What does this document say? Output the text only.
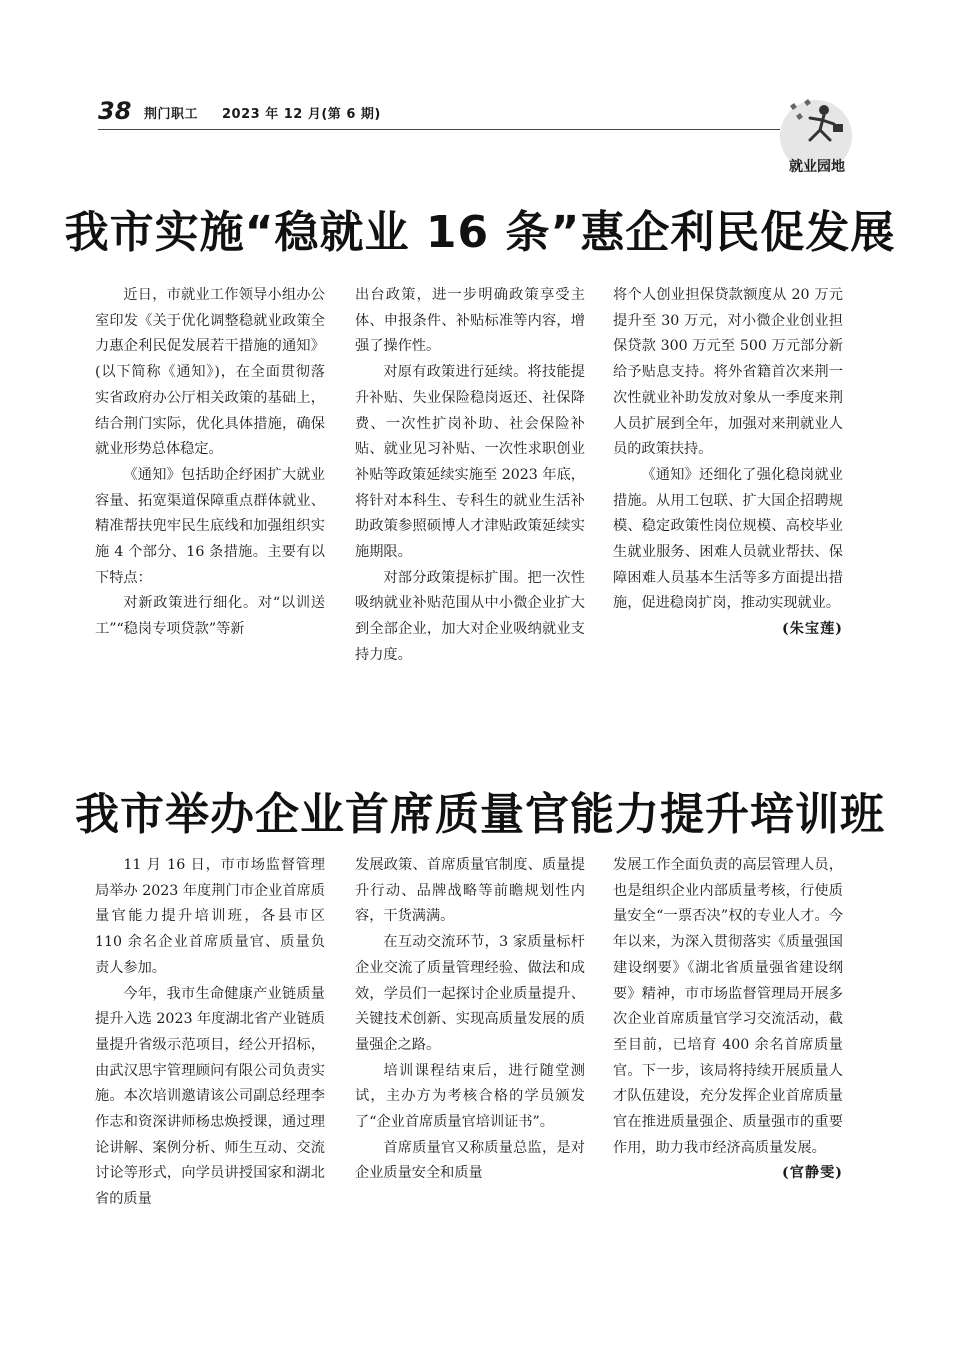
38 荆门职工 2023 年 12 月(第 6 期)
就业园地
我市实施“稳就业 16 条”惠企利民促发展

近日，市就业工作领导小组办公室印发《关于优化调整稳就业政策全力惠企利民促发展若干措施的通知》(以下简称《通知》)，在全面贯彻落实省政府办公厅相关政策的基础上，结合荆门实际，优化具体措施，确保就业形势总体稳定。

《通知》包括助企纾困扩大就业容量、拓宽渠道保障重点群体就业、精准帮扶兜牢民生底线和加强组织实施 4 个部分、16 条措施。主要有以下特点：

对新政策进行细化。对“以训送工”“稳岗专项贷款”等新

出台政策，进一步明确政策享受主体、申报条件、补贴标准等内容，增强了操作性。

对原有政策进行延续。将技能提升补贴、失业保险稳岗返还、社保降费、一次性扩岗补助、社会保险补贴、就业见习补贴、一次性求职创业补贴等政策延续实施至 2023 年底，将针对本科生、专科生的就业生活补助政策参照硕博人才津贴政策延续实施期限。

对部分政策提标扩围。把一次性吸纳就业补贴范围从中小微企业扩大到全部企业，加大对企业吸纳就业支持力度。

将个人创业担保贷款额度从 20 万元提升至 30 万元，对小微企业创业担保贷款 300 万元至 500 万元部分新给予贴息支持。将外省籍首次来荆一次性就业补助发放对象从一季度来荆人员扩展到全年，加强对来荆就业人员的政策扶持。

《通知》还细化了强化稳岗就业措施。从用工包联、扩大国企招聘规模、稳定政策性岗位规模、高校毕业生就业服务、困难人员就业帮扶、保障困难人员基本生活等多方面提出措施，促进稳岗扩岗，推动实现就业。
(朱宝莲)

我市举办企业首席质量官能力提升培训班

11 月 16 日，市市场监督管理局举办 2023 年度荆门市企业首席质量官能力提升培训班，各县市区 110 余名企业首席质量官、质量负责人参加。

今年，我市生命健康产业链质量提升入选 2023 年度湖北省产业链质量提升省级示范项目，经公开招标，由武汉思宇管理顾问有限公司负责实施。本次培训邀请该公司副总经理李作志和资深讲师杨忠焕授课，通过理论讲解、案例分析、师生互动、交流讨论等形式，向学员讲授国家和湖北省的质量

发展政策、首席质量官制度、质量提升行动、品牌战略等前瞻规划性内容，干货满满。

在互动交流环节，3 家质量标杆企业交流了质量管理经验、做法和成效，学员们一起探讨企业质量提升、关键技术创新、实现高质量发展的质量强企之路。

培训课程结束后，进行随堂测试，主办方为考核合格的学员颁发了“企业首席质量官培训证书”。

首席质量官又称质量总监，是对企业质量安全和质量

发展工作全面负责的高层管理人员，也是组织企业内部质量考核，行使质量安全“一票否决”权的专业人才。今年以来，为深入贯彻落实《质量强国建设纲要》《湖北省质量强省建设纲要》精神，市市场监督管理局开展多次企业首席质量官学习交流活动，截至目前，已培育 400 余名首席质量官。下一步，该局将持续开展质量人才队伍建设，充分发挥企业首席质量官在推进质量强企、质量强市的重要作用，助力我市经济高质量发展。
(官静雯)
